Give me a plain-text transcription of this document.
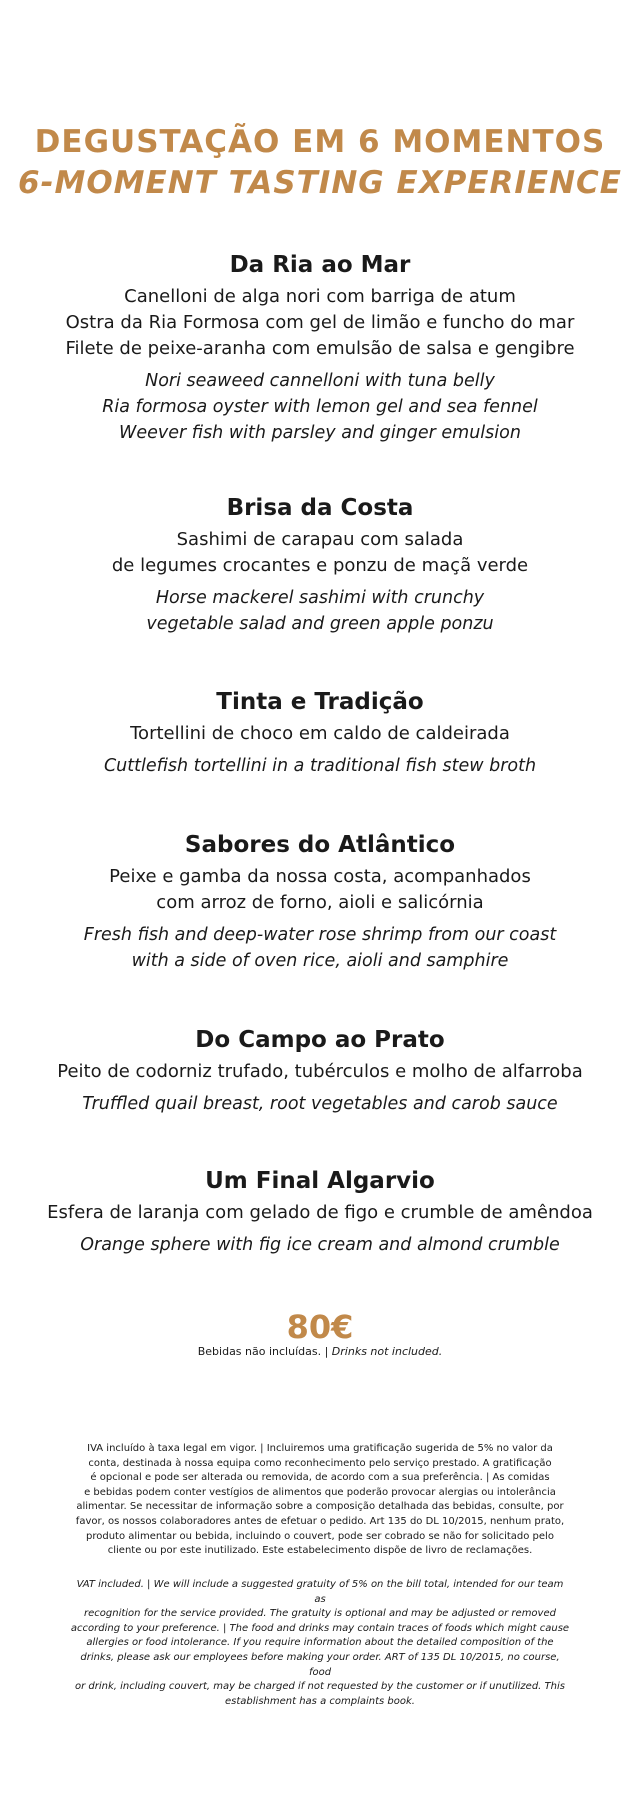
DEGUSTAÇÃO EM 6 MOMENTOS
6-MOMENT TASTING EXPERIENCE
Da Ria ao Mar
Canelloni de alga nori com barriga de atum
Ostra da Ria Formosa com gel de limão e funcho do mar
Filete de peixe-aranha com emulsão de salsa e gengibre
Nori seaweed cannelloni with tuna belly
Ria formosa oyster with lemon gel and sea fennel
Weever fish with parsley and ginger emulsion
Brisa da Costa
Sashimi de carapau com salada
de legumes crocantes e ponzu de maçã verde
Horse mackerel sashimi with crunchy
vegetable salad and green apple ponzu
Tinta e Tradição
Tortellini de choco em caldo de caldeirada
Cuttlefish tortellini in a traditional fish stew broth
Sabores do Atlântico
Peixe e gamba da nossa costa, acompanhados
com arroz de forno, aioli e salicórnia
Fresh fish and deep-water rose shrimp from our coast
with a side of oven rice, aioli and samphire
Do Campo ao Prato
Peito de codorniz trufado, tubérculos e molho de alfarroba
Truffled quail breast, root vegetables and carob sauce
Um Final Algarvio
Esfera de laranja com gelado de figo e crumble de amêndoa
Orange sphere with fig ice cream and almond crumble
80€
Bebidas não incluídas. | Drinks not included.
IVA incluído à taxa legal em vigor. | Incluiremos uma gratificação sugerida de 5% no valor da
conta, destinada à nossa equipa como reconhecimento pelo serviço prestado. A gratificação
é opcional e pode ser alterada ou removida, de acordo com a sua preferência. | As comidas
e bebidas podem conter vestígios de alimentos que poderão provocar alergias ou intolerância
alimentar. Se necessitar de informação sobre a composição detalhada das bebidas, consulte, por
favor, os nossos colaboradores antes de efetuar o pedido. Art 135 do DL 10/2015, nenhum prato,
produto alimentar ou bebida, incluindo o couvert, pode ser cobrado se não for solicitado pelo
cliente ou por este inutilizado. Este estabelecimento dispõe de livro de reclamações.
VAT included. | We will include a suggested gratuity of 5% on the bill total, intended for our team as
recognition for the service provided. The gratuity is optional and may be adjusted or removed
according to your preference. | The food and drinks may contain traces of foods which might cause
allergies or food intolerance. If you require information about the detailed composition of the
drinks, please ask our employees before making your order. ART of 135 DL 10/2015, no course, food
or drink, including couvert, may be charged if not requested by the customer or if unutilized. This
establishment has a complaints book.
